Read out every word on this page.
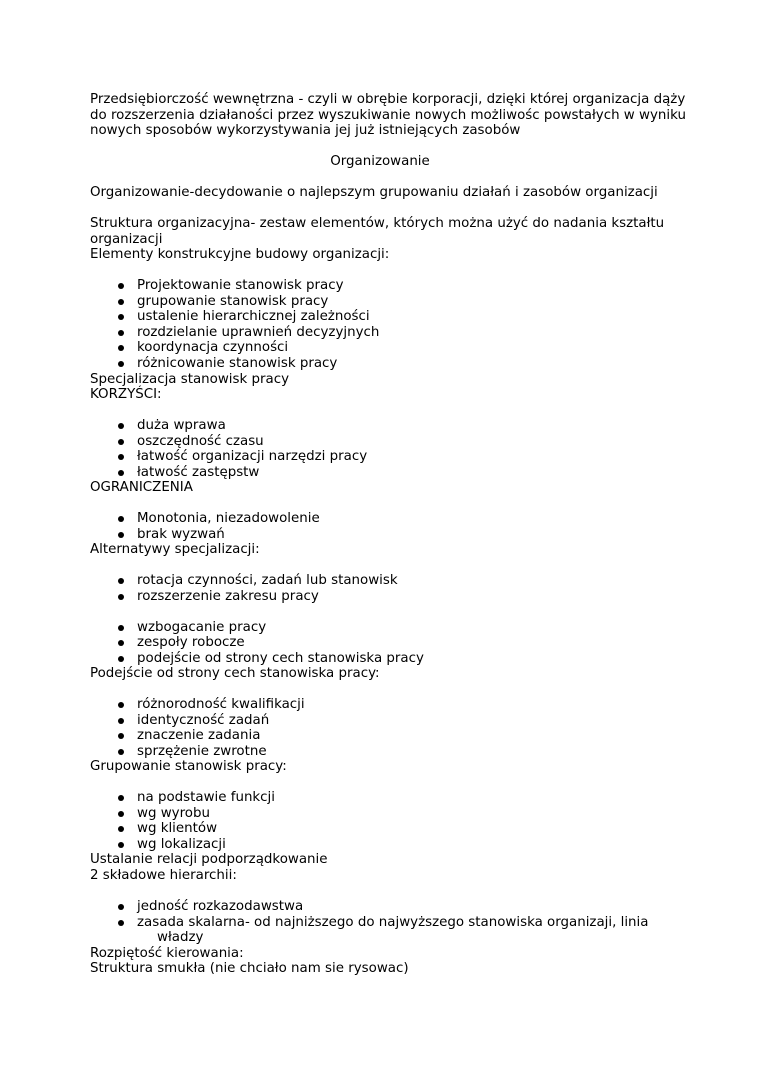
Przedsiębiorczość wewnętrzna - czyli w obrębie korporacji, dzięki której organizacja dąży
do rozszerzenia działaności przez wyszukiwanie nowych możliwośc powstałych w wyniku
nowych sposobów wykorzystywania jej już istniejących zasobów
Organizowanie
Organizowanie-decydowanie o najlepszym grupowaniu działań i zasobów organizacji
Struktura organizacyjna- zestaw elementów, których można użyć do nadania kształtu
organizacji
Elementy konstrukcyjne budowy organizacji:
Projektowanie stanowisk pracy
grupowanie stanowisk pracy
ustalenie hierarchicznej zależności
rozdzielanie uprawnień decyzyjnych
koordynacja czynności
różnicowanie stanowisk pracy
Specjalizacja stanowisk pracy
KORZYŚCI:
duża wprawa
oszczędność czasu
łatwość organizacji narzędzi pracy
łatwość zastępstw
OGRANICZENIA
Monotonia, niezadowolenie
brak wyzwań
Alternatywy specjalizacji:
rotacja czynności, zadań lub stanowisk
rozszerzenie zakresu pracy
wzbogacanie pracy
zespoły robocze
podejście od strony cech stanowiska pracy
Podejście od strony cech stanowiska pracy:
różnorodność kwalifikacji
identyczność zadań
znaczenie zadania
sprzężenie zwrotne
Grupowanie stanowisk pracy:
na podstawie funkcji
wg wyrobu
wg klientów
wg lokalizacji
Ustalanie relacji podporządkowanie
2 składowe hierarchii:
jedność rozkazodawstwa
zasada skalarna- od najniższego do najwyższego stanowiska organizaji, linia
władzy
Rozpiętość kierowania:
Struktura smukła (nie chciało nam sie rysowac)
